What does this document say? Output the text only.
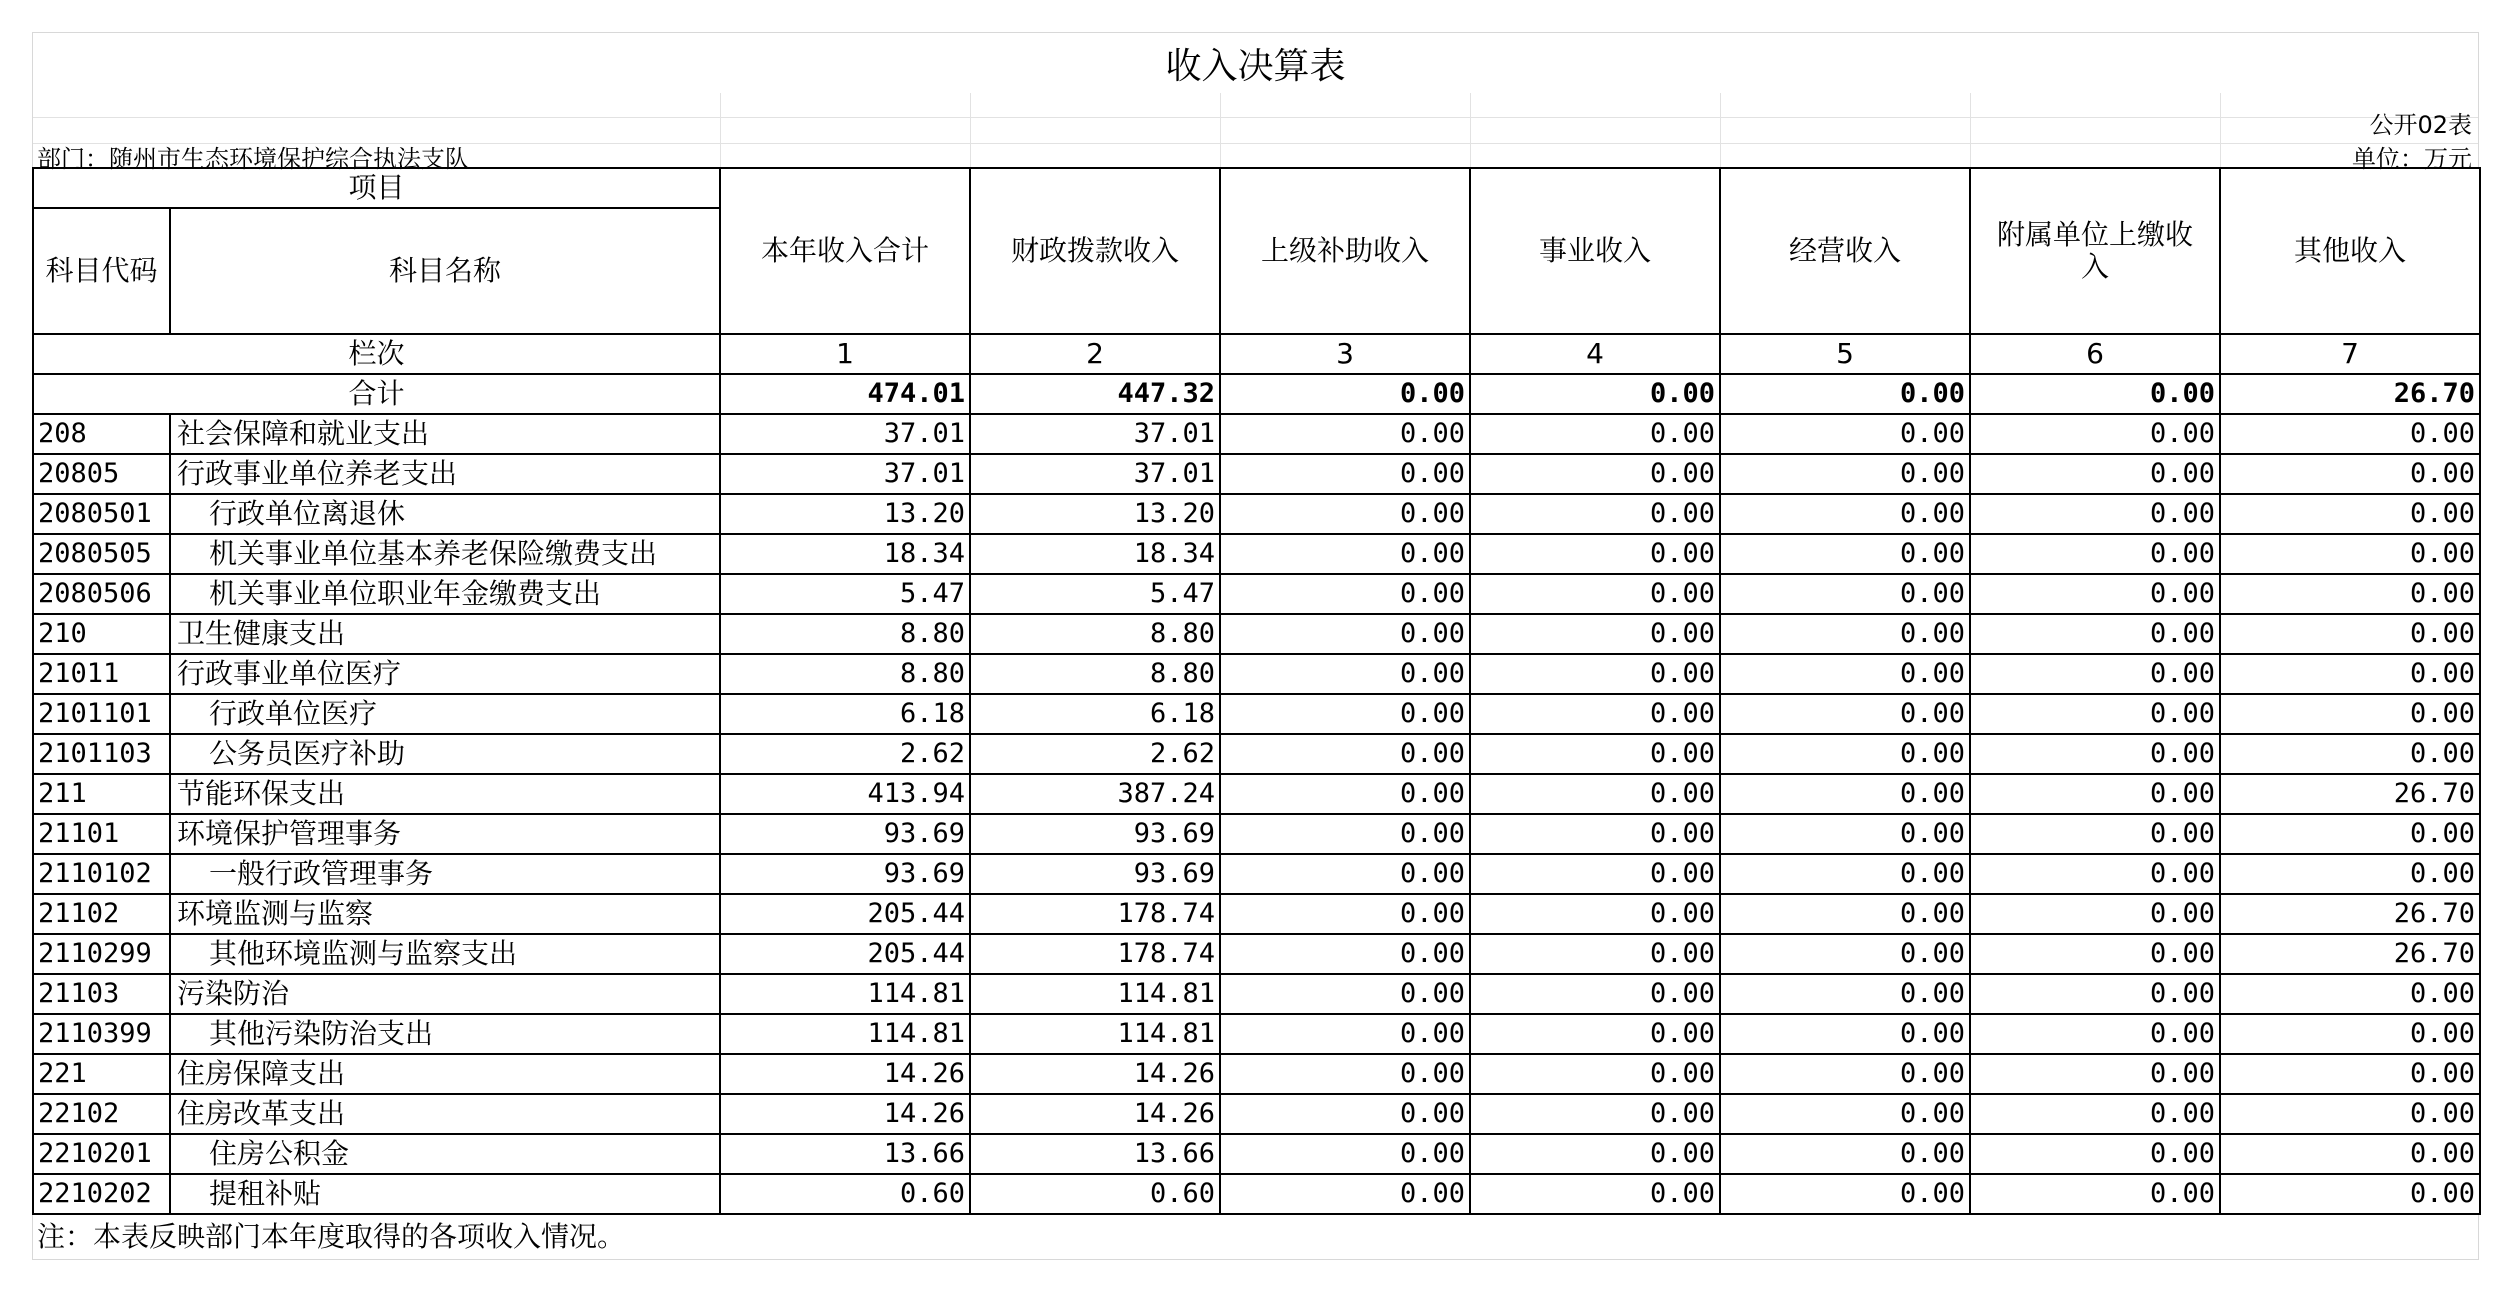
收入决算表
公开02表
部门：随州市生态环境保护综合执法支队	单位：万元
项目		本年收入合计	财政拨款收入	上级补助收入	事业收入	经营收入	附属单位上缴收入	其他收入
科目代码	科目名称							
栏次		1	2	3	4	5	6	7
合计		474.01	447.32	0.00	0.00	0.00	0.00	26.70
208	社会保障和就业支出	37.01	37.01	0.00	0.00	0.00	0.00	0.00
20805	行政事业单位养老支出	37.01	37.01	0.00	0.00	0.00	0.00	0.00
2080501	行政单位离退休	13.20	13.20	0.00	0.00	0.00	0.00	0.00
2080505	机关事业单位基本养老保险缴费支出	18.34	18.34	0.00	0.00	0.00	0.00	0.00
2080506	机关事业单位职业年金缴费支出	5.47	5.47	0.00	0.00	0.00	0.00	0.00
210	卫生健康支出	8.80	8.80	0.00	0.00	0.00	0.00	0.00
21011	行政事业单位医疗	8.80	8.80	0.00	0.00	0.00	0.00	0.00
2101101	行政单位医疗	6.18	6.18	0.00	0.00	0.00	0.00	0.00
2101103	公务员医疗补助	2.62	2.62	0.00	0.00	0.00	0.00	0.00
211	节能环保支出	413.94	387.24	0.00	0.00	0.00	0.00	26.70
21101	环境保护管理事务	93.69	93.69	0.00	0.00	0.00	0.00	0.00
2110102	一般行政管理事务	93.69	93.69	0.00	0.00	0.00	0.00	0.00
21102	环境监测与监察	205.44	178.74	0.00	0.00	0.00	0.00	26.70
2110299	其他环境监测与监察支出	205.44	178.74	0.00	0.00	0.00	0.00	26.70
21103	污染防治	114.81	114.81	0.00	0.00	0.00	0.00	0.00
2110399	其他污染防治支出	114.81	114.81	0.00	0.00	0.00	0.00	0.00
221	住房保障支出	14.26	14.26	0.00	0.00	0.00	0.00	0.00
22102	住房改革支出	14.26	14.26	0.00	0.00	0.00	0.00	0.00
2210201	住房公积金	13.66	13.66	0.00	0.00	0.00	0.00	0.00
2210202	提租补贴	0.60	0.60	0.00	0.00	0.00	0.00	0.00
注：本表反映部门本年度取得的各项收入情况。
